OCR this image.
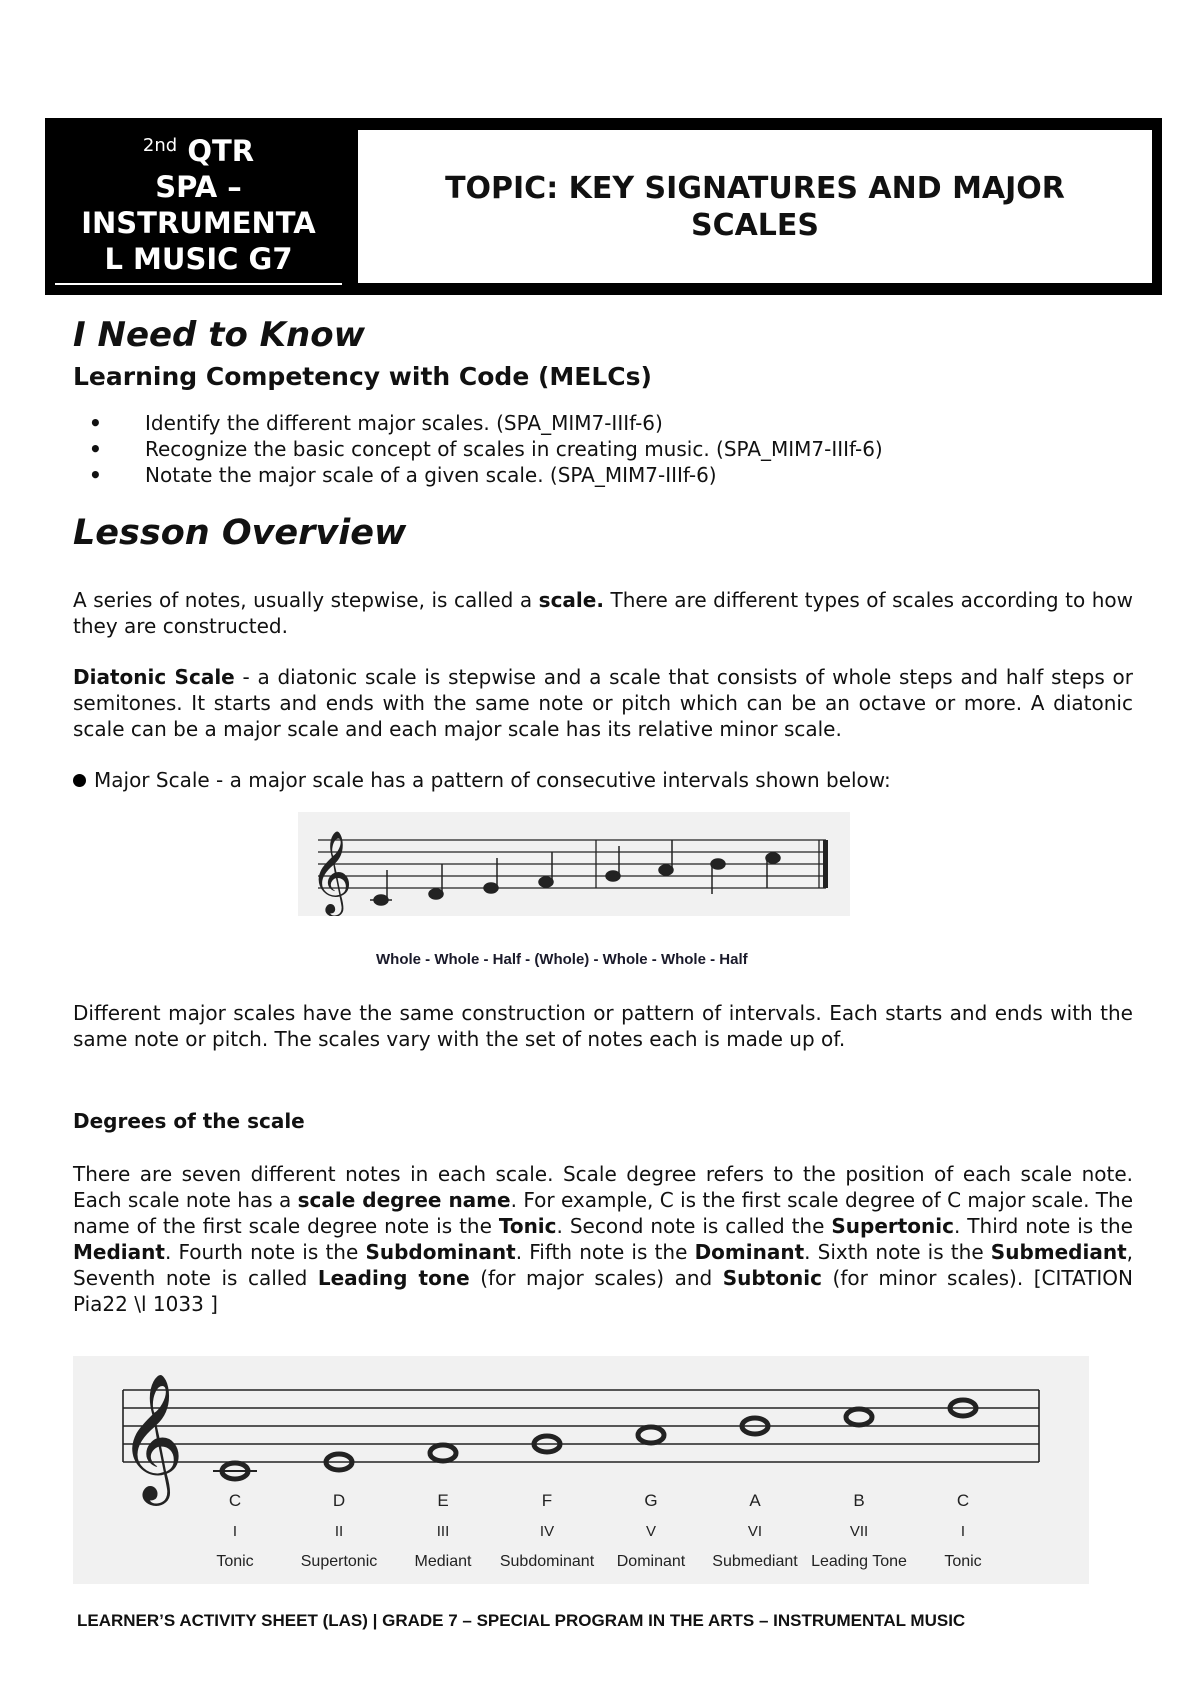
$^{2nd}$ QTR
SPA –
INSTRUMENTA
L MUSIC G7
TOPIC: KEY SIGNATURES AND MAJOR
SCALES
I Need to Know
Learning Competency with Code (MELCs)
• Identify the different major scales. (SPA_MIM7-IIIf-6)
• Recognize the basic concept of scales in creating music. (SPA_MIM7-IIIf-6)
• Notate the major scale of a given scale. (SPA_MIM7-IIIf-6)
Lesson Overview

A series of notes, usually stepwise, is called a scale. There are different types of scales according to how they are constructed.

Diatonic Scale - a diatonic scale is stepwise and a scale that consists of whole steps and half steps or semitones. It starts and ends with the same note or pitch which can be an octave or more. A diatonic scale can be a major scale and each major scale has its relative minor scale.

Major Scale - a major scale has a pattern of consecutive intervals shown below:

𝄞
Whole - Whole - Half - (Whole) - Whole - Whole - Half

Different major scales have the same construction or pattern of intervals. Each starts and ends with the same note or pitch. The scales vary with the set of notes each is made up of.

Degrees of the scale

There are seven different notes in each scale. Scale degree refers to the position of each scale note. Each scale note has a scale degree name. For example, C is the first scale degree of C major scale. The name of the first scale degree note is the Tonic. Second note is called the Supertonic. Third note is the Mediant. Fourth note is the Subdominant. Fifth note is the Dominant. Sixth note is the Submediant, Seventh note is called Leading tone (for major scales) and Subtonic (for minor scales). [CITATION Pia22 \l 1033 ]

𝄞
C
I
Tonic
D
II
Supertonic
E
III
Mediant
F
IV
Subdominant
G
V
Dominant
A
VI
Submediant
B
VII
Leading Tone
C
I
Tonic
LEARNER’S ACTIVITY SHEET (LAS) | GRADE 7 – SPECIAL PROGRAM IN THE ARTS – INSTRUMENTAL MUSIC
